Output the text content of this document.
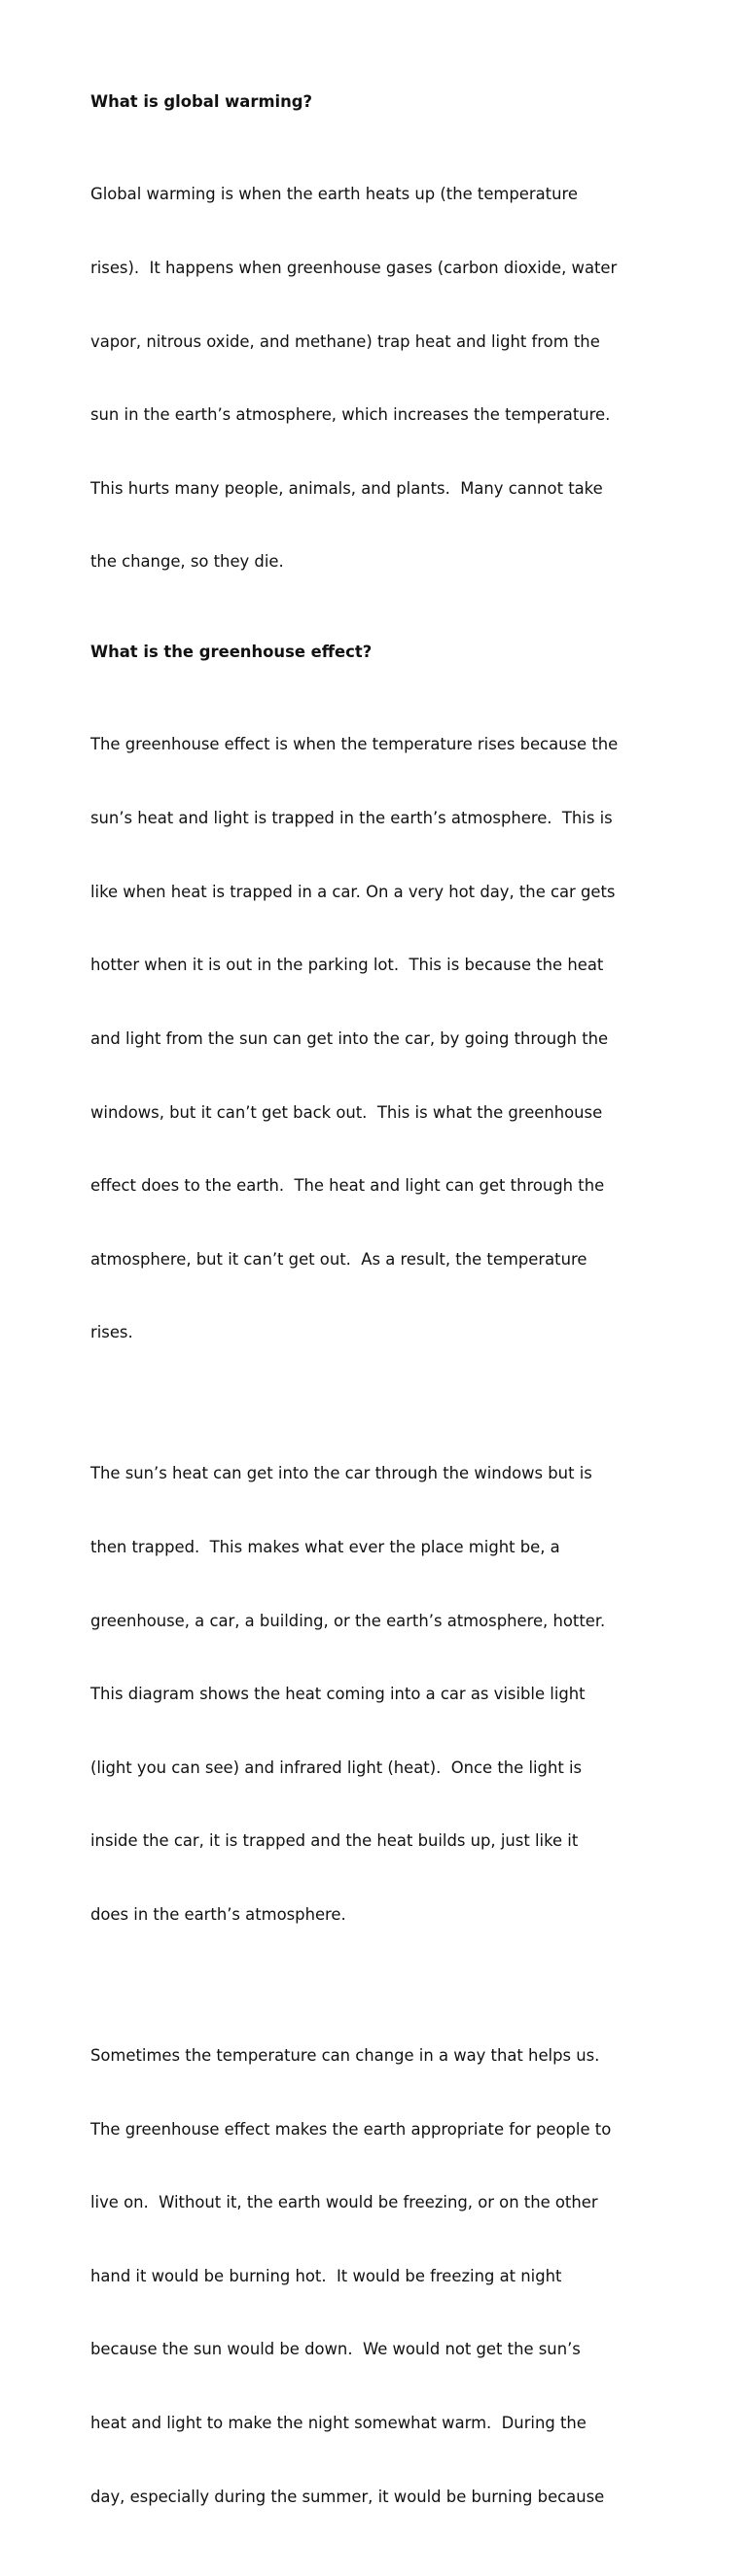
What is global warming?

Global warming is when the earth heats up (the temperature

rises).  It happens when greenhouse gases (carbon dioxide, water

vapor, nitrous oxide, and methane) trap heat and light from the

sun in the earth’s atmosphere, which increases the temperature.

This hurts many people, animals, and plants.  Many cannot take

the change, so they die.

What is the greenhouse effect?

The greenhouse effect is when the temperature rises because the

sun’s heat and light is trapped in the earth’s atmosphere.  This is

like when heat is trapped in a car. On a very hot day, the car gets

hotter when it is out in the parking lot.  This is because the heat

and light from the sun can get into the car, by going through the

windows, but it can’t get back out.  This is what the greenhouse

effect does to the earth.  The heat and light can get through the

atmosphere, but it can’t get out.  As a result, the temperature

rises.

The sun’s heat can get into the car through the windows but is

then trapped.  This makes what ever the place might be, a

greenhouse, a car, a building, or the earth’s atmosphere, hotter.

This diagram shows the heat coming into a car as visible light

(light you can see) and infrared light (heat).  Once the light is

inside the car, it is trapped and the heat builds up, just like it

does in the earth’s atmosphere.

Sometimes the temperature can change in a way that helps us.

The greenhouse effect makes the earth appropriate for people to

live on.  Without it, the earth would be freezing, or on the other

hand it would be burning hot.  It would be freezing at night

because the sun would be down.  We would not get the sun’s

heat and light to make the night somewhat warm.  During the

day, especially during the summer, it would be burning because
